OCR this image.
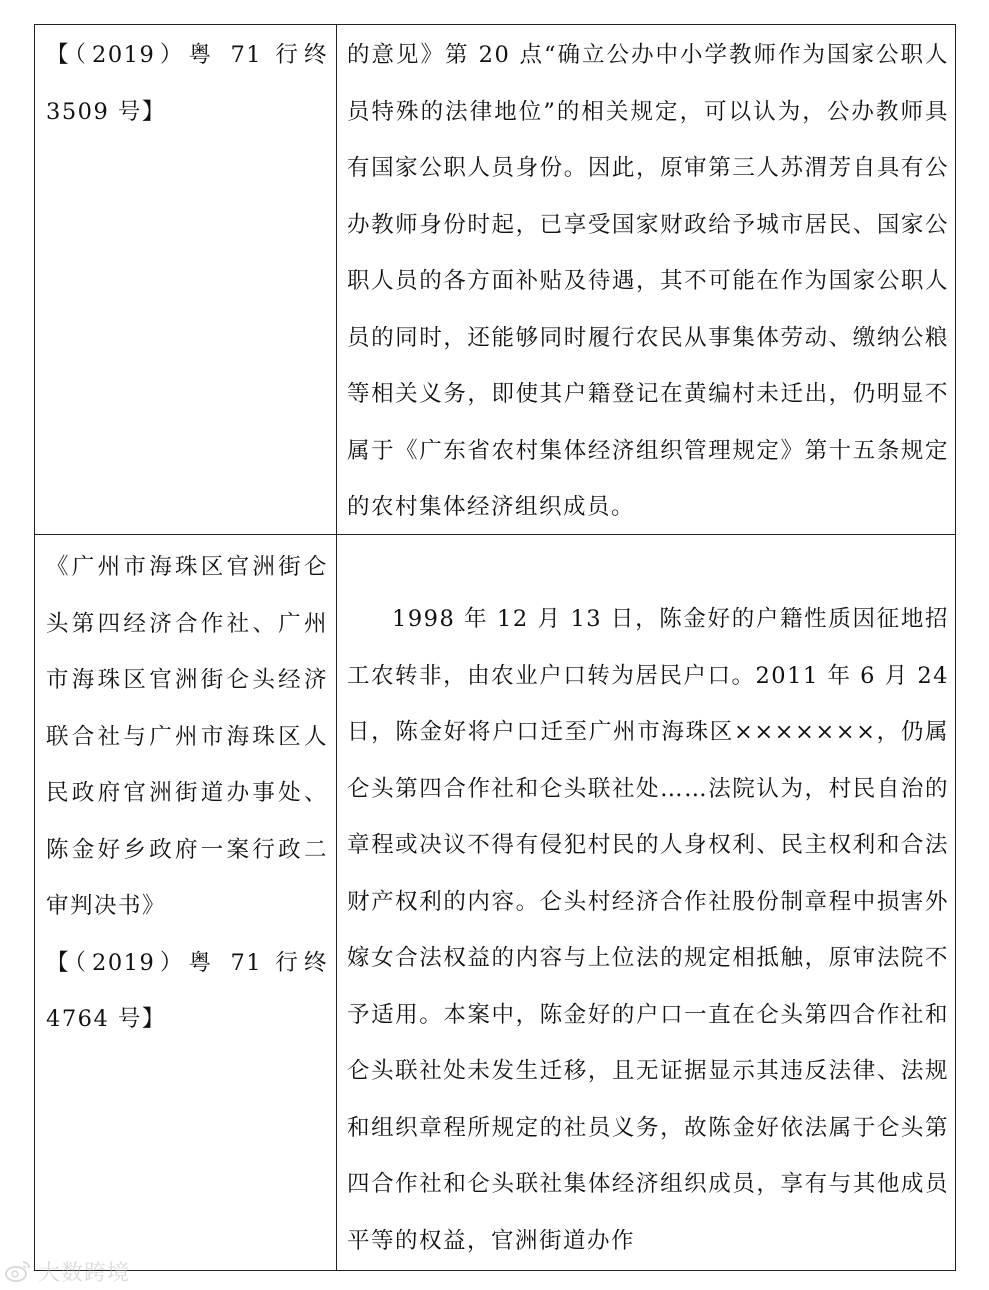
【（2019）粤 71 行终 3509 号】

的意见》第 20 点“确立公办中小学教师作为国家公职人员特殊的法律地位”的相关规定，可以认为，公办教师具有国家公职人员身份。因此，原审第三人苏渭芳自具有公办教师身份时起，已享受国家财政给予城市居民、国家公职人员的各方面补贴及待遇，其不可能在作为国家公职人员的同时，还能够同时履行农民从事集体劳动、缴纳公粮等相关义务，即使其户籍登记在黄编村未迁出，仍明显不属于《广东省农村集体经济组织管理规定》第十五条规定的农村集体经济组织成员。

《广州市海珠区官洲街仑头第四经济合作社、广州市海珠区官洲街仑头经济联合社与广州市海珠区人民政府官洲街道办事处、陈金好乡政府一案行政二审判决书》

【（2019）粤 71 行终 4764 号】

1998 年 12 月 13 日，陈金好的户籍性质因征地招工农转非，由农业户口转为居民户口。2011 年 6 月 24 日，陈金好将户口迁至广州市海珠区×××××××，仍属仑头第四合作社和仑头联社处……法院认为，村民自治的章程或决议不得有侵犯村民的人身权利、民主权利和合法财产权利的内容。仑头村经济合作社股份制章程中损害外嫁女合法权益的内容与上位法的规定相抵触，原审法院不予适用。本案中，陈金好的户口一直在仑头第四合作社和仑头联社处未发生迁移，且无证据显示其违反法律、法规和组织章程所规定的社员义务，故陈金好依法属于仑头第四合作社和仑头联社集体经济组织成员，享有与其他成员平等的权益，官洲街道办作

大数跨境
